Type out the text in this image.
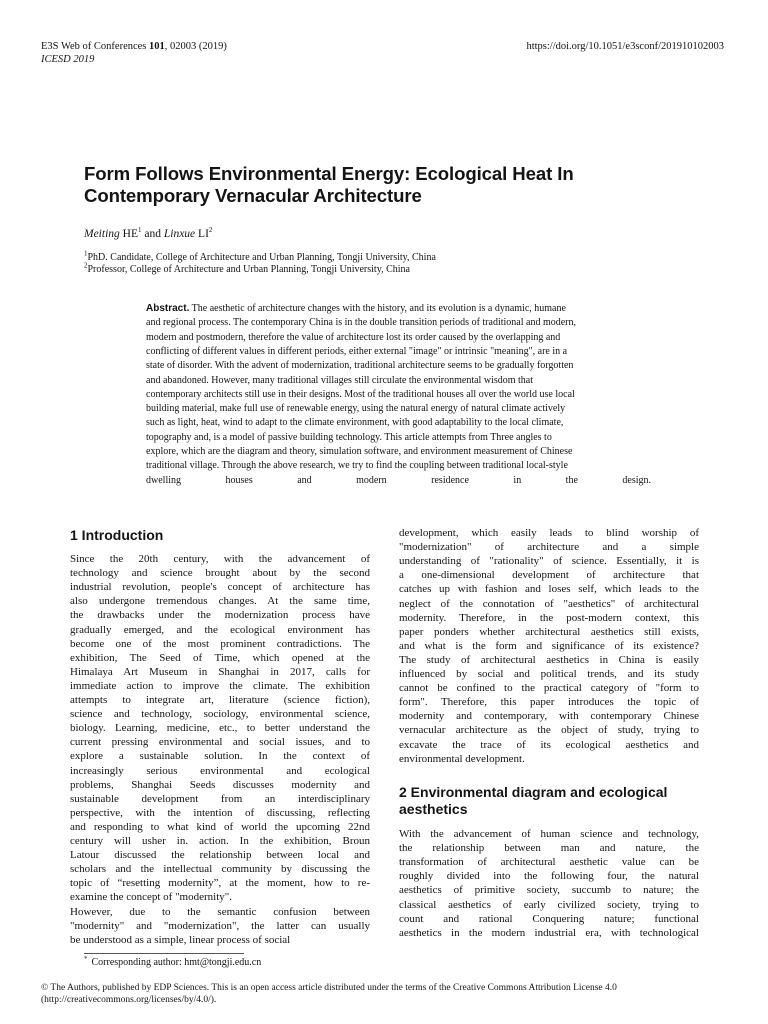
E3S Web of Conferences 101, 02003 (2019)
ICESD 2019
https://doi.org/10.1051/e3sconf/201910102003
Form Follows Environmental Energy: Ecological Heat In
Contemporary Vernacular Architecture
Meiting $HE^1$ and Linxue $LI^2$
$^1$PhD. Candidate, College of Architecture and Urban Planning, Tongji University, China
$^2$Professor, College of Architecture and Urban Planning, Tongji University, China
Abstract. The aesthetic of architecture changes with the history, and its evolution is a dynamic, humane
and regional process. The contemporary China is in the double transition periods of traditional and modern,
modern and postmodern, therefore the value of architecture lost its order caused by the overlapping and
conflicting of different values in different periods, either external "image" or intrinsic "meaning", are in a
state of disorder. With the advent of modernization, traditional architecture seems to be gradually forgotten
and abandoned. However, many traditional villages still circulate the environmental wisdom that
contemporary architects still use in their designs. Most of the traditional houses all over the world use local
building material, make full use of renewable energy, using the natural energy of natural climate actively
such as light, heat, wind to adapt to the climate environment, with good adaptability to the local climate,
topography and, is a model of passive building technology. This article attempts from Three angles to
explore, which are the diagram and theory, simulation software, and environment measurement of Chinese
traditional village. Through the above research, we try to find the coupling between traditional local-style
dwelling houses and modern residence in the design.
1 Introduction
Since the 20th century, with the advancement of
technology and science brought about by the second
industrial revolution, people's concept of architecture has
also undergone tremendous changes. At the same time,
the drawbacks under the modernization process have
gradually emerged, and the ecological environment has
become one of the most prominent contradictions. The
exhibition, The Seed of Time, which opened at the
Himalaya Art Museum in Shanghai in 2017, calls for
immediate action to improve the climate. The exhibition
attempts to integrate art, literature (science fiction),
science and technology, sociology, environmental science,
biology. Learning, medicine, etc., to better understand the
current pressing environmental and social issues, and to
explore a sustainable solution. In the context of
increasingly serious environmental and ecological
problems, Shanghai Seeds discusses modernity and
sustainable development from an interdisciplinary
perspective, with the intention of discussing, reflecting
and responding to what kind of world the upcoming 22nd
century will usher in. action. In the exhibition, Broun
Latour discussed the relationship between local and
scholars and the intellectual community by discussing the
topic of “resetting modernity”, at the moment, how to re-
examine the concept of "modernity".
However, due to the semantic confusion between
"modernity" and "modernization", the latter can usually
be understood as a simple, linear process of social
development, which easily leads to blind worship of
"modernization" of architecture and a simple
understanding of "rationality" of science. Essentially, it is
a one-dimensional development of architecture that
catches up with fashion and loses self, which leads to the
neglect of the connotation of "aesthetics" of architectural
modernity. Therefore, in the post-modern context, this
paper ponders whether architectural aesthetics still exists,
and what is the form and significance of its existence?
The study of architectural aesthetics in China is easily
influenced by social and political trends, and its study
cannot be confined to the practical category of "form to
form". Therefore, this paper introduces the topic of
modernity and contemporary, with contemporary Chinese
vernacular architecture as the object of study, trying to
excavate the trace of its ecological aesthetics and
environmental development.
2 Environmental diagram and ecological
aesthetics
With the advancement of human science and technology,
the relationship between man and nature, the
transformation of architectural aesthetic value can be
roughly divided into the following four, the natural
aesthetics of primitive society, succumb to nature; the
classical aesthetics of early civilized society, trying to
count and rational Conquering nature; functional
aesthetics in the modern industrial era, with technological
* Corresponding author: hmt@tongji.edu.cn
© The Authors, published by EDP Sciences. This is an open access article distributed under the terms of the Creative Commons Attribution License 4.0
(http://creativecommons.org/licenses/by/4.0/).
